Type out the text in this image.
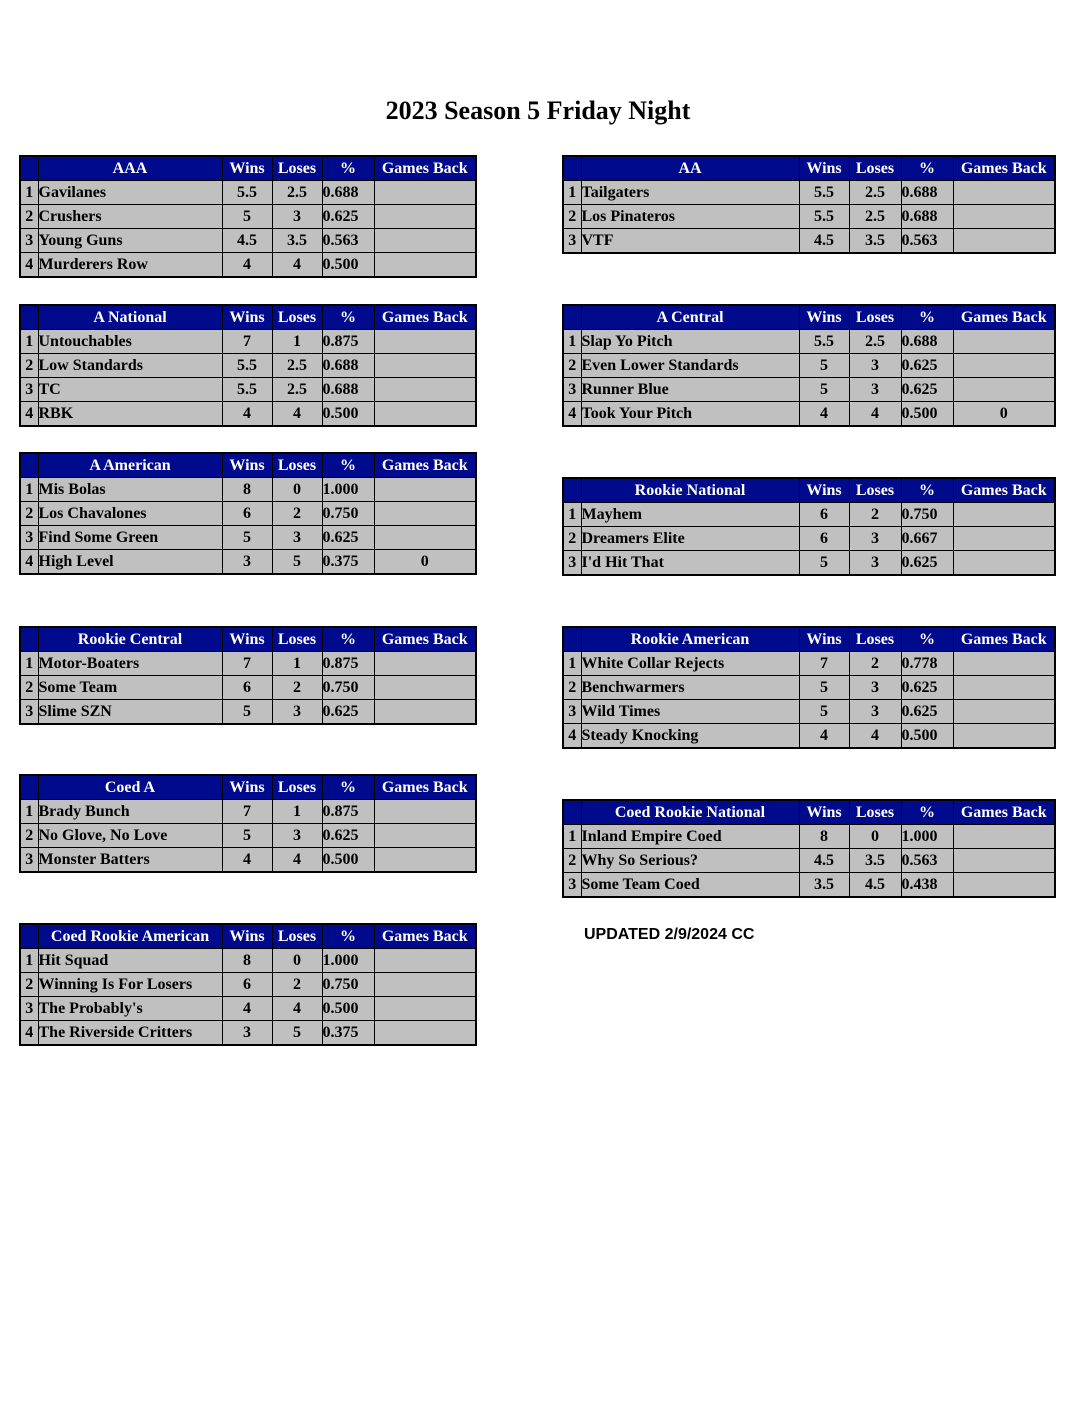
2023 Season 5 Friday Night
	AAA	Wins	Loses	%	Games Back
1	Gavilanes	5.5	2.5	0.688	
2	Crushers	5	3	0.625	
3	Young Guns	4.5	3.5	0.563	
4	Murderers Row	4	4	0.500	
	AA	Wins	Loses	%	Games Back
1	Tailgaters	5.5	2.5	0.688	
2	Los Pinateros	5.5	2.5	0.688	
3	VTF	4.5	3.5	0.563	
	A National	Wins	Loses	%	Games Back
1	Untouchables	7	1	0.875	
2	Low Standards	5.5	2.5	0.688	
3	TC	5.5	2.5	0.688	
4	RBK	4	4	0.500	
	A Central	Wins	Loses	%	Games Back
1	Slap Yo Pitch	5.5	2.5	0.688	
2	Even Lower Standards	5	3	0.625	
3	Runner Blue	5	3	0.625	
4	Took Your Pitch	4	4	0.500	0
	A American	Wins	Loses	%	Games Back
1	Mis Bolas	8	0	1.000	
2	Los Chavalones	6	2	0.750	
3	Find Some Green	5	3	0.625	
4	High Level	3	5	0.375	0
	Rookie National	Wins	Loses	%	Games Back
1	Mayhem	6	2	0.750	
2	Dreamers Elite	6	3	0.667	
3	I'd Hit That	5	3	0.625	
	Rookie Central	Wins	Loses	%	Games Back
1	Motor-Boaters	7	1	0.875	
2	Some Team	6	2	0.750	
3	Slime SZN	5	3	0.625	
	Rookie American	Wins	Loses	%	Games Back
1	White Collar Rejects	7	2	0.778	
2	Benchwarmers	5	3	0.625	
3	Wild Times	5	3	0.625	
4	Steady Knocking	4	4	0.500	
	Coed A	Wins	Loses	%	Games Back
1	Brady Bunch	7	1	0.875	
2	No Glove, No Love	5	3	0.625	
3	Monster Batters	4	4	0.500	
	Coed Rookie National	Wins	Loses	%	Games Back
1	Inland Empire Coed	8	0	1.000	
2	Why So Serious?	4.5	3.5	0.563	
3	Some Team Coed	3.5	4.5	0.438	
	Coed Rookie American	Wins	Loses	%	Games Back
1	Hit Squad	8	0	1.000	
2	Winning Is For Losers	6	2	0.750	
3	The Probably's	4	4	0.500	
4	The Riverside Critters	3	5	0.375	
UPDATED 2/9/2024 CC
